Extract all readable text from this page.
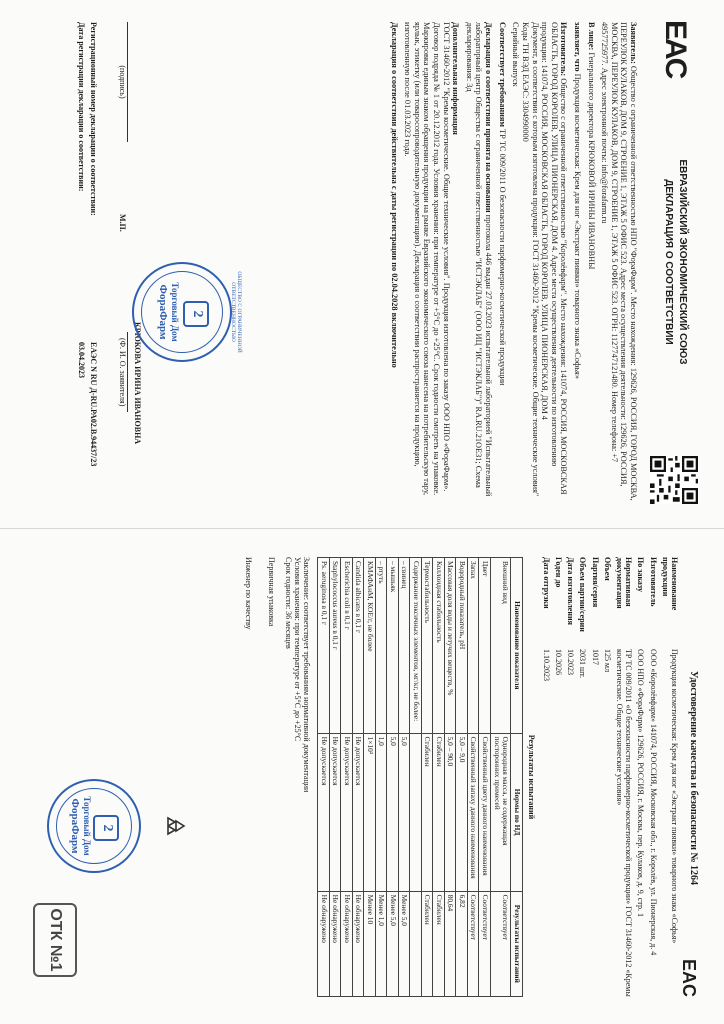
EAC
ЕВРАЗИЙСКИЙ ЭКОНОМИЧЕСКИЙ СОЮЗ
ДЕКЛАРАЦИЯ О СООТВЕТСТВИИ

Заявитель: Общество с ограниченной ответственностью НПО "ФораФарм". Место нахождения: 129626, РОССИЯ, ГОРОД МОСКВА, ПЕРЕУЛОК КУЛАКОВ, ДОМ 9, СТРОЕНИЕ 1, ЭТАЖ 5 ОФИС 523. Адрес места осуществления деятельности: 129626, РОССИЯ, МОСКВА, ПЕРЕУЛОК КУЛАКОВ, ДОМ 9, СТРОЕНИЕ 1, ЭТАЖ 5 ОФИС 523. ОГРН: 1127747121480. Номер телефона: +7 4957725977. Адрес электронной почты: info@forafarm.ru

В лице: Генерального директора КРЮКОВОЙ ИРИНЫ ИВАНОВНЫ

заявляет, что Продукция косметическая: Крем для ног «Экстракт пиявки» товарного знака «Софья»

Изготовитель: Общество с ограниченной ответственностью "Королёвфарм". Место нахождения: 141074, РОССИЯ, МОСКОВСКАЯ ОБЛАСТЬ, ГОРОД КОРОЛЕВ, УЛИЦА ПИОНЕРСКАЯ, ДОМ 4. Адрес места осуществления деятельности по изготовлению продукции: 141074, РОССИЯ, МОСКОВСКАЯ ОБЛАСТЬ, ГОРОД КОРОЛЕВ, УЛИЦА ПИОНЕРСКАЯ, ДОМ 4
Документ, в соответствии с которым изготовлена продукция: ГОСТ 31460-2012 "Кремы косметические. Общие технические условия"
Коды ТН ВЭД ЕАЭС: 3304990000
Серийный выпуск

Соответствует требованиям ТР ТС 009/2011 О безопасности парфюмерно-косметической продукции

Декларация о соответствии принята на основании протокола 446 выдан 27.03.2023 испытательной лабораторией "Испытательный лабораторный центр Общества с ограниченной ответственностью "ИСТЭКЛАБ" (ООО ИЦ "ИСТЭКЛАБ")" RA.RU.21ОЕ31; Схема декларирования: 3д

Дополнительная информация
ГОСТ 31460-2012 "Кремы косметические. Общие технические условия". Продукция изготовлена по заказу ООО НПО «ФораФарм». Договор подряда № 1 от 20.12.2012 года. Условия хранения: при температуре от +5°С до +25°С. Срок годности смотреть на упаковке. Маркировка единым знаком обращения продукции на рынке Евразийского экономического союза нанесена на потребительскую тару, ярлык, этикетку (или товаросопроводительную документацию). Декларация о соответствии распространяется на продукцию, изготовленную после 01.03.2023 года.

Декларация о соответствии действительна с даты регистрации по 02.04.2028 включительно

(подпись) М.П.
КРЮКОВА ИРИНА ИВАНОВНА
(Ф. И. О. заявителя)
Регистрационный номер декларации о соответствии:
ЕАЭС N RU Д-RU.РА02.В.94437/23
Дата регистрации декларации о соответствии:
03.04.2023
2
Торговый Дом
ФораФарм	ОБЩЕСТВО С ОГРАНИЧЕННОЙ ОТВЕТСТВЕННОСТЬЮ
Удостоверение качества и безопасности № 1264
EAC
Наименование продукции
Продукция косметическая: Крем для ног «Экстракт пиявки» товарного знака «Софья»
Изготовитель
ООО «Королёвфарм» 141074, РОССИЯ, Московская обл., г. Королёв, ул. Пионерская, д. 4
По заказу
ООО НПО «ФораФарм» 129626, РОССИЯ, г. Москва, пер. Кулаков, д. 9, стр. 1
Нормативная документация
ТР ТС 009/2011 «О безопасности парфюмерно-косметической продукции» ГОСТ 31460-2012 «Кремы косметические. Общие технические условия»
Объем
125 мл
Партия/серия
1017
Объем партии/серии
2031 шт.
Дата изготовления
10.2023
Годен до
10.2026
Дата отгрузки
1.10.2023
Результаты испытаний
Наименование показателя	Нормы по НД	Результаты испытаний
Внешний вид	Однородная масса, не содержащая посторонних примесей	Соответствует
Цвет	Свойственный цвету данного наименования	Соответствует
Запах	Свойственный запаху данного наименования	Соответствует
Водородный показатель, рН	5,0 – 9,0	6,82
Массовая доля воды и летучих веществ, %	5,0 – 90,0	80,64
Коллоидная стабильность	Стабилен	Стабилен
Термостабильность	Стабилен	Стабилен
Содержание токсичных элементов, мг/кг, не более:		
– свинец	5,0	Менее 5,0
– мышьяк	5,0	Менее 5,0
– ртуть	1,0	Менее 1,0
КМАФАнМ, КОЕ/г, не более	1×10³	Менее 10
Candida albicans в 0,1 г	Не допускается	Не обнаружено
Escherichia coli в 0,1 г	Не допускается	Не обнаружено
Staphylococcus aureus в 0,1 г	Не допускается	Не обнаружено
Ps. aeruginosa в 0,1 г	Не допускается	Не обнаружено
Заключение: соответствует требованиям нормативной документации
Условия хранения: при температуре от +5°С до +25°С
Срок годности: 36 месяцев
Первичная упаковка
Инженер по качеству
2
Торговый Дом
ФораФарм
ОТК №1
